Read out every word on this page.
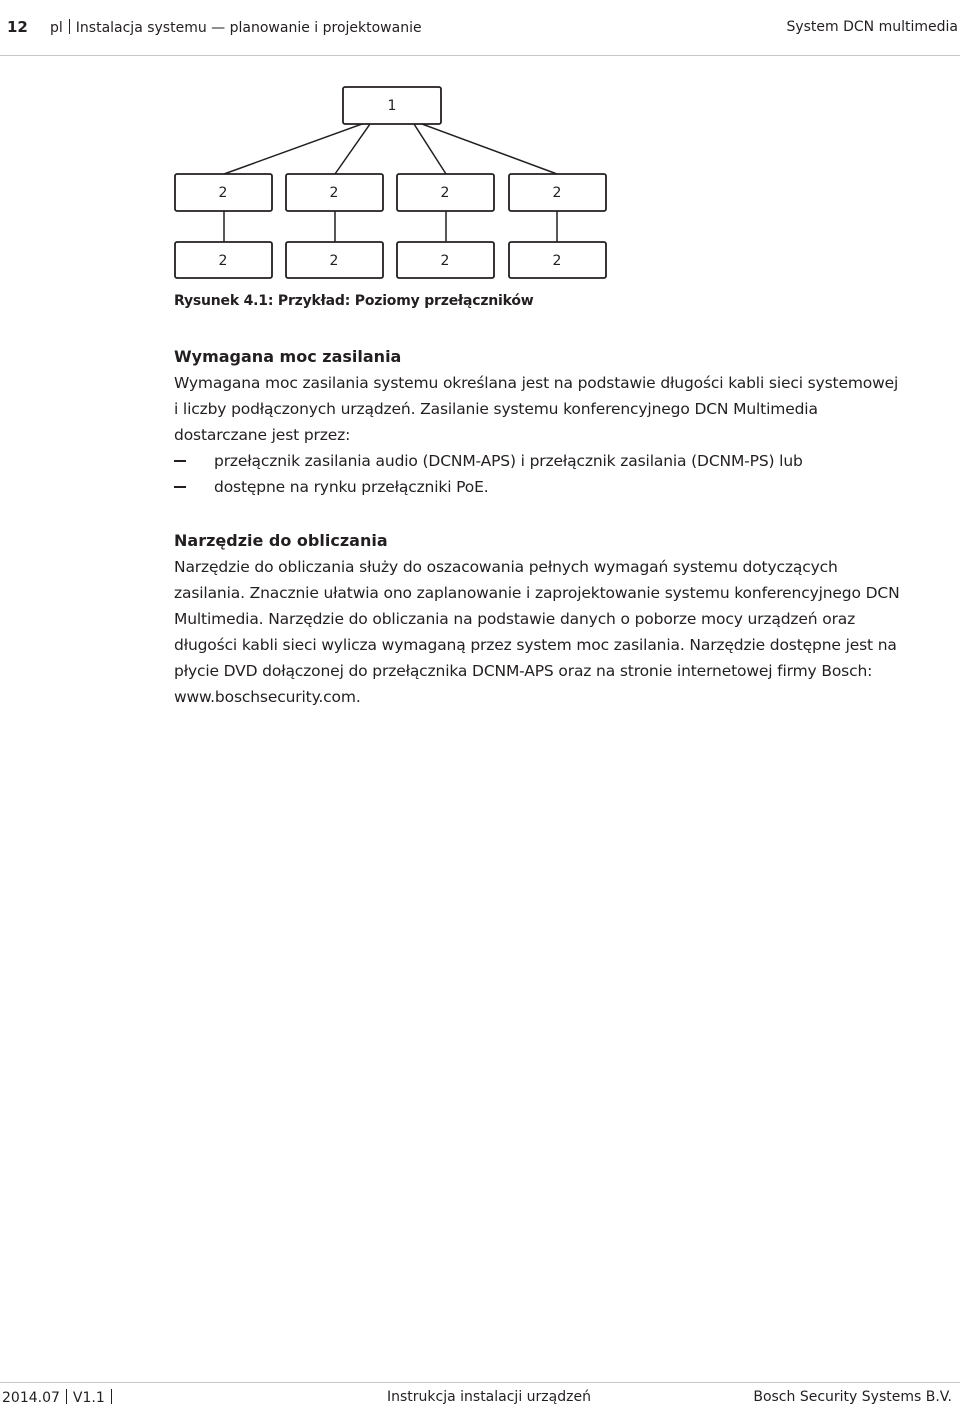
12 pl Instalacja systemu — planowanie i projektowanie	System DCN multimedia
1
2	2	2	2
2	2	2	2
Rysunek 4.1: Przykład: Poziomy przełączników
Wymagana moc zasilania
Wymagana moc zasilania systemu określana jest na podstawie długości kabli sieci systemowej
i liczby podłączonych urządzeń. Zasilanie systemu konferencyjnego DCN Multimedia
dostarczane jest przez:
przełącznik zasilania audio (DCNM-APS) i przełącznik zasilania (DCNM-PS) lub
dostępne na rynku przełączniki PoE.
Narzędzie do obliczania
Narzędzie do obliczania służy do oszacowania pełnych wymagań systemu dotyczących
zasilania. Znacznie ułatwia ono zaplanowanie i zaprojektowanie systemu konferencyjnego DCN
Multimedia. Narzędzie do obliczania na podstawie danych o poborze mocy urządzeń oraz
długości kabli sieci wylicza wymaganą przez system moc zasilania. Narzędzie dostępne jest na
płycie DVD dołączonej do przełącznika DCNM-APS oraz na stronie internetowej firmy Bosch:
www.boschsecurity.com.
2014.07 V1.1	Instrukcja instalacji urządzeń	Bosch Security Systems B.V.
